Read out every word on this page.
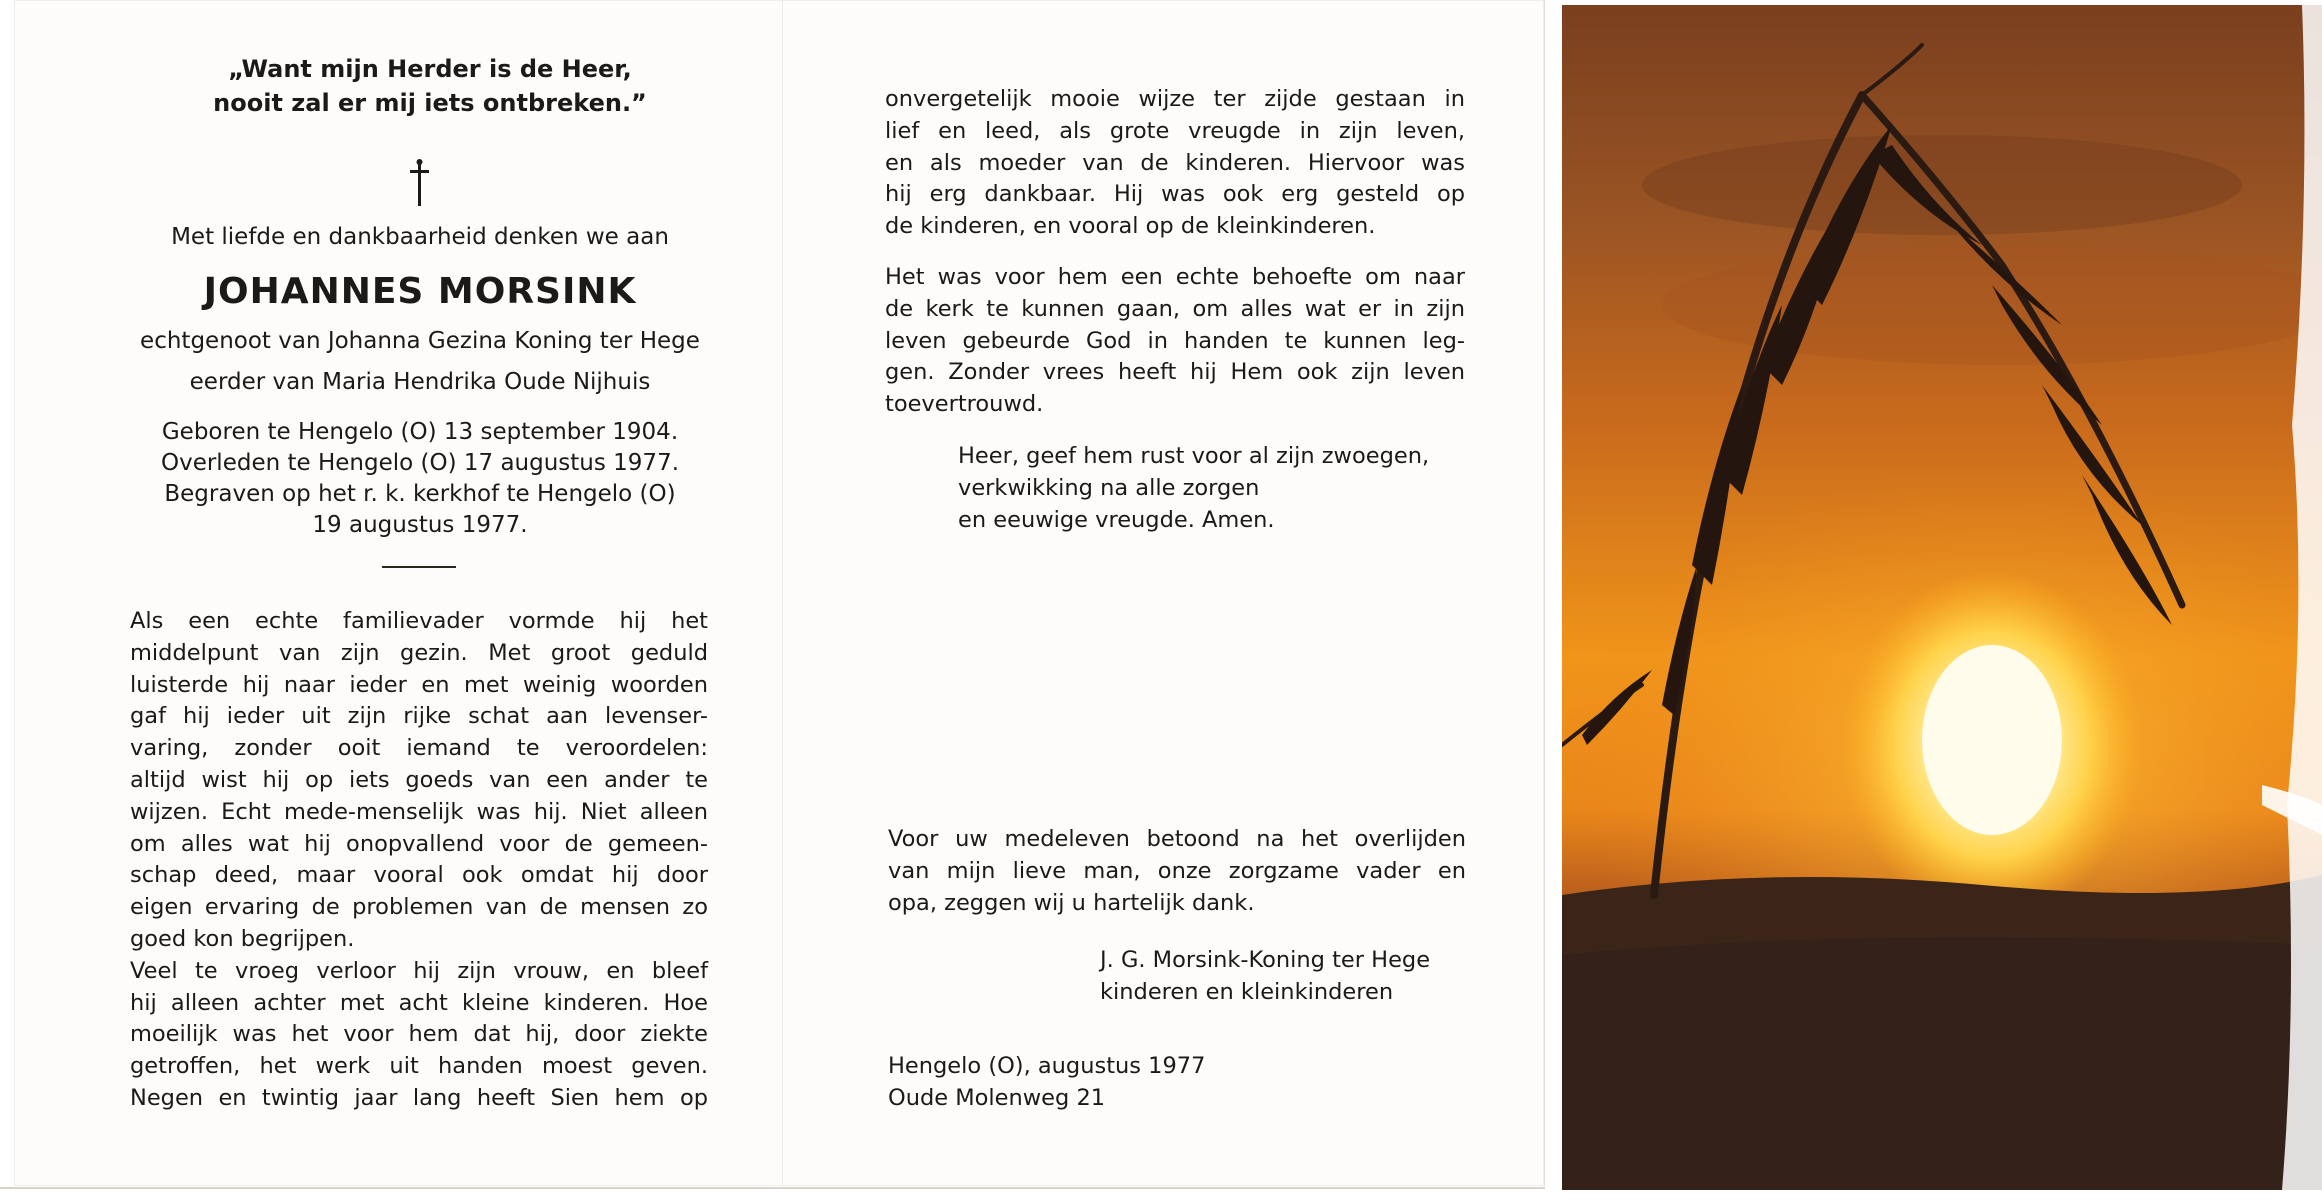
„Want mijn Herder is de Heer,
nooit zal er mij iets ontbreken.”
Met liefde en dankbaarheid denken we aan
JOHANNES MORSINK
echtgenoot van Johanna Gezina Koning ter Hege
eerder van Maria Hendrika Oude Nijhuis
Geboren te Hengelo (O) 13 september 1904.
Overleden te Hengelo (O) 17 augustus 1977.
Begraven op het r. k. kerkhof te Hengelo (O)
19 augustus 1977.

Als een echte familievader vormde hij het

middelpunt van zijn gezin. Met groot geduld

luisterde hij naar ieder en met weinig woorden

gaf hij ieder uit zijn rijke schat aan levenser-

varing, zonder ooit iemand te veroordelen:

altijd wist hij op iets goeds van een ander te

wijzen. Echt mede-menselijk was hij. Niet alleen

om alles wat hij onopvallend voor de gemeen-

schap deed, maar vooral ook omdat hij door

eigen ervaring de problemen van de mensen zo

goed kon begrijpen.

Veel te vroeg verloor hij zijn vrouw, en bleef

hij alleen achter met acht kleine kinderen. Hoe

moeilijk was het voor hem dat hij, door ziekte

getroffen, het werk uit handen moest geven.

Negen en twintig jaar lang heeft Sien hem op

onvergetelijk mooie wijze ter zijde gestaan in

lief en leed, als grote vreugde in zijn leven,

en als moeder van de kinderen. Hiervoor was

hij erg dankbaar. Hij was ook erg gesteld op

de kinderen, en vooral op de kleinkinderen.

Het was voor hem een echte behoefte om naar

de kerk te kunnen gaan, om alles wat er in zijn

leven gebeurde God in handen te kunnen leg-

gen. Zonder vrees heeft hij Hem ook zijn leven

toevertrouwd.

Heer, geef hem rust voor al zijn zwoegen,
verkwikking na alle zorgen
en eeuwige vreugde. Amen.

Voor uw medeleven betoond na het overlijden

van mijn lieve man, onze zorgzame vader en

opa, zeggen wij u hartelijk dank.

J. G. Morsink-Koning ter Hege
kinderen en kleinkinderen
Hengelo (O), augustus 1977
Oude Molenweg 21
